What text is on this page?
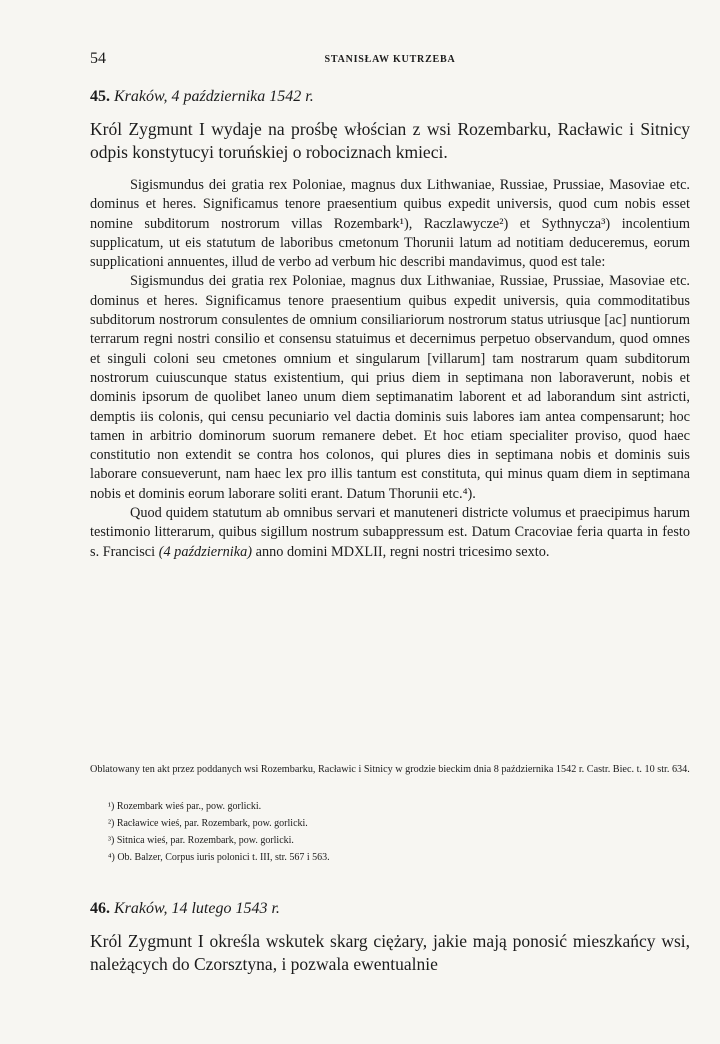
54	STANISŁAW KUTRZEBA
45. Kraków, 4 października 1542 r.
Król Zygmunt I wydaje na prośbę włościan z wsi Rozembarku, Racławic i Sitnicy odpis konstytucyi toruńskiej o robociznach kmieci.

Sigismundus dei gratia rex Poloniae, magnus dux Lithwaniae, Russiae, Prussiae, Masoviae etc. dominus et heres. Significamus tenore praesentium quibus expedit universis, quod cum nobis esset nomine subditorum nostrorum villas Rozembark¹), Raczlawycze²) et Sythnycza³) incolentium supplicatum, ut eis statutum de laboribus cmetonum Thorunii latum ad notitiam deduceremus, eorum supplicationi annuentes, illud de verbo ad verbum hic describi mandavimus, quod est tale:

Sigismundus dei gratia rex Poloniae, magnus dux Lithwaniae, Russiae, Prussiae, Masoviae etc. dominus et heres. Significamus tenore praesentium quibus expedit universis, quia commoditatibus subditorum nostrorum consulentes de omnium consiliariorum nostrorum status utriusque [ac] nuntiorum terrarum regni nostri consilio et consensu statuimus et decernimus perpetuo observandum, quod omnes et singuli coloni seu cmetones omnium et singularum [villarum] tam nostrarum quam subditorum nostrorum cuiuscunque status existentium, qui prius diem in septimana non laboraverunt, nobis et dominis ipsorum de quolibet laneo unum diem septimanatim laborent et ad laborandum sint astricti, demptis iis colonis, qui censu pecuniario vel dactia dominis suis labores iam antea compensarunt; hoc tamen in arbitrio dominorum suorum remanere debet. Et hoc etiam specialiter proviso, quod haec constitutio non extendit se contra hos colonos, qui plures dies in septimana nobis et dominis suis laborare consueverunt, nam haec lex pro illis tantum est constituta, qui minus quam diem in septimana nobis et dominis eorum laborare soliti erant. Datum Thorunii etc.⁴).

Quod quidem statutum ab omnibus servari et manuteneri districte volumus et praecipimus harum testimonio litterarum, quibus sigillum nostrum subappressum est. Datum Cracoviae feria quarta in festo s. Francisci (4 października) anno domini MDXLII, regni nostri tricesimo sexto.

Oblatowany ten akt przez poddanych wsi Rozembarku, Racławic i Sitnicy w grodzie bieckim dnia 8 października 1542 r. Castr. Biec. t. 10 str. 634.
¹) Rozembark wieś par., pow. gorlicki.
²) Racławice wieś, par. Rozembark, pow. gorlicki.
³) Sitnica wieś, par. Rozembark, pow. gorlicki.
⁴) Ob. Balzer, Corpus iuris polonici t. III, str. 567 i 563.
46. Kraków, 14 lutego 1543 r.
Król Zygmunt I określa wskutek skarg ciężary, jakie mają ponosić mieszkańcy wsi, należących do Czorsztyna, i pozwala ewentualnie
